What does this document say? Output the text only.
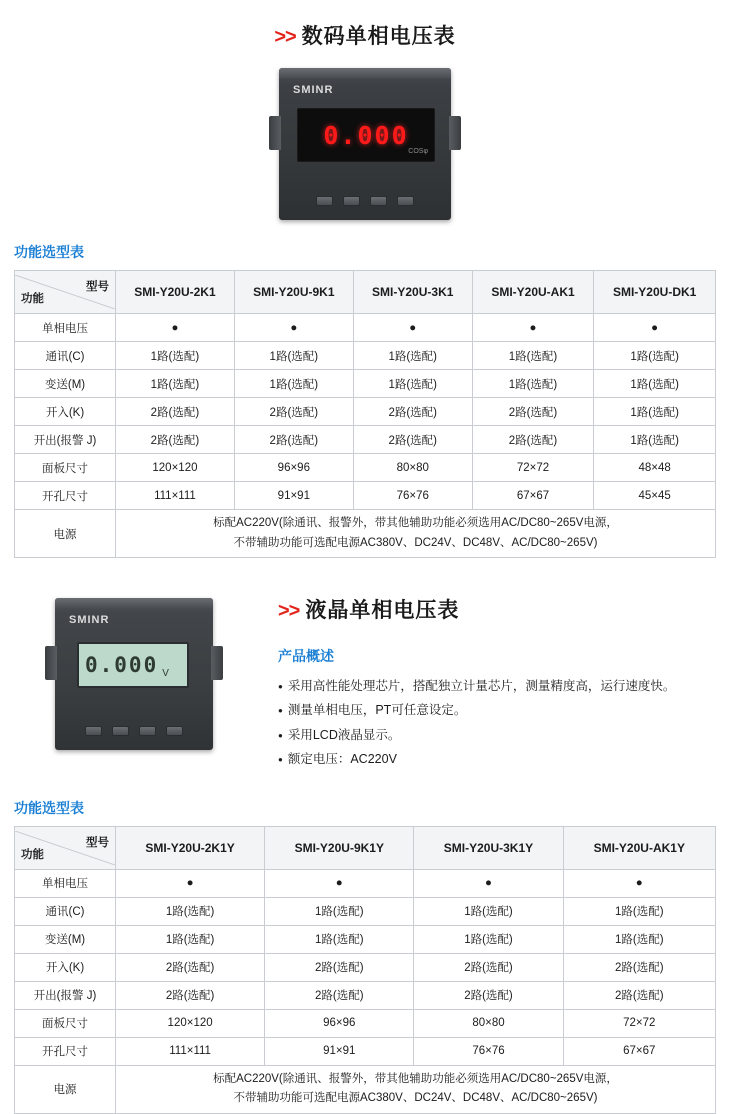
>> 数码单相电压表
SMINR
0.000
COSφ
功能选型表
型号
功能	SMI-Y20U-2K1	SMI-Y20U-9K1	SMI-Y20U-3K1	SMI-Y20U-AK1	SMI-Y20U-DK1
单相电压	●	●	●	●	●
通讯(C)	1路(选配)	1路(选配)	1路(选配)	1路(选配)	1路(选配)
变送(M)	1路(选配)	1路(选配)	1路(选配)	1路(选配)	1路(选配)
开入(K)	2路(选配)	2路(选配)	2路(选配)	2路(选配)	1路(选配)
开出(报警 J)	2路(选配)	2路(选配)	2路(选配)	2路(选配)	1路(选配)
面板尺寸	120×120	96×96	80×80	72×72	48×48
开孔尺寸	111×111	91×91	76×76	67×67	45×45
电源	标配AC220V(除通讯、报警外，带其他辅助功能必须选用AC/DC80~265V电源，
不带辅助功能可选配电源AC380V、DC24V、DC48V、AC/DC80~265V)				
SMINR
0.000 V
>> 液晶单相电压表
产品概述
● 采用高性能处理芯片，搭配独立计量芯片，测量精度高，运行速度快。
● 测量单相电压，PT可任意设定。
● 采用LCD液晶显示。
● 额定电压：AC220V
功能选型表
型号
功能	SMI-Y20U-2K1Y	SMI-Y20U-9K1Y	SMI-Y20U-3K1Y	SMI-Y20U-AK1Y
单相电压	●	●	●	●
通讯(C)	1路(选配)	1路(选配)	1路(选配)	1路(选配)
变送(M)	1路(选配)	1路(选配)	1路(选配)	1路(选配)
开入(K)	2路(选配)	2路(选配)	2路(选配)	2路(选配)
开出(报警 J)	2路(选配)	2路(选配)	2路(选配)	2路(选配)
面板尺寸	120×120	96×96	80×80	72×72
开孔尺寸	111×111	91×91	76×76	67×67
电源	标配AC220V(除通讯、报警外，带其他辅助功能必须选用AC/DC80~265V电源，
不带辅助功能可选配电源AC380V、DC24V、DC48V、AC/DC80~265V)			
